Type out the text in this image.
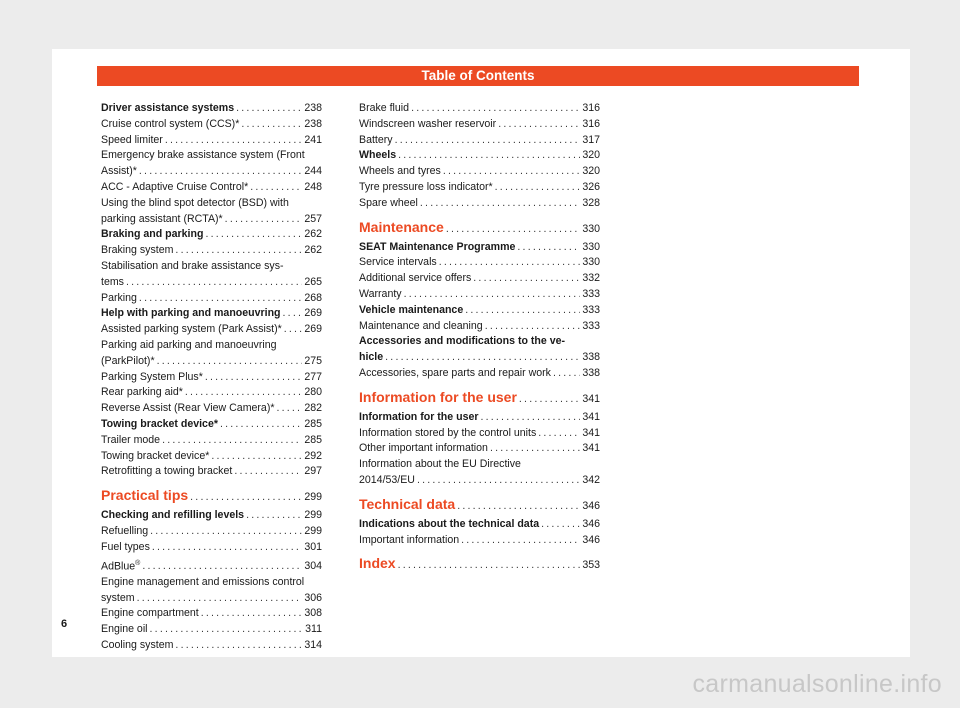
Table of Contents
Driver assistance systems .....	238
Cruise control system (CCS)* .....	238
Speed limiter .....	241
Emergency brake assistance system (Front
Assist)* .....	244
ACC - Adaptive Cruise Control* .....	248
Using the blind spot detector (BSD) with
parking assistant (RCTA)* .....	257
Braking and parking .....	262
Braking system .....	262
Stabilisation and brake assistance sys-
tems .....	265
Parking .....	268
Help with parking and manoeuvring ..... 269
Assisted parking system (Park Assist)* ..... 269
Parking aid parking and manoeuvring
(ParkPilot)* .....	275
Parking System Plus* .....	277
Rear parking aid* .....	280
Reverse Assist (Rear View Camera)* .....	282
Towing bracket device* .....	285
Trailer mode .....	285
Towing bracket device* .....	292
Retrofitting a towing bracket .....	297
Practical tips .....	299
Checking and refilling levels .....	299
Refuelling .....	299
Fuel types .....	301
AdBlue® .....	304
Engine management and emissions control
system .....	306
Engine compartment .....	308
Engine oil .....	311
Cooling system .....	314
Brake fluid .....	316
Windscreen washer reservoir .....	316
Battery .....	317
Wheels .....	320
Wheels and tyres .....	320
Tyre pressure loss indicator* .....	326
Spare wheel .....	328
Maintenance .....	330
SEAT Maintenance Programme .....	330
Service intervals .....	330
Additional service offers .....	332
Warranty .....	333
Vehicle maintenance .....	333
Maintenance and cleaning .....	333
Accessories and modifications to the ve-
hicle .....	338
Accessories, spare parts and repair work .....	338
Information for the user .....	341
Information for the user .....	341
Information stored by the control units .....	341
Other important information .....	341
Information about the EU Directive
2014/53/EU .....	342
Technical data .....	346
Indications about the technical data .....	346
Important information .....	346
Index .....	353
6
carmanualsonline.info
